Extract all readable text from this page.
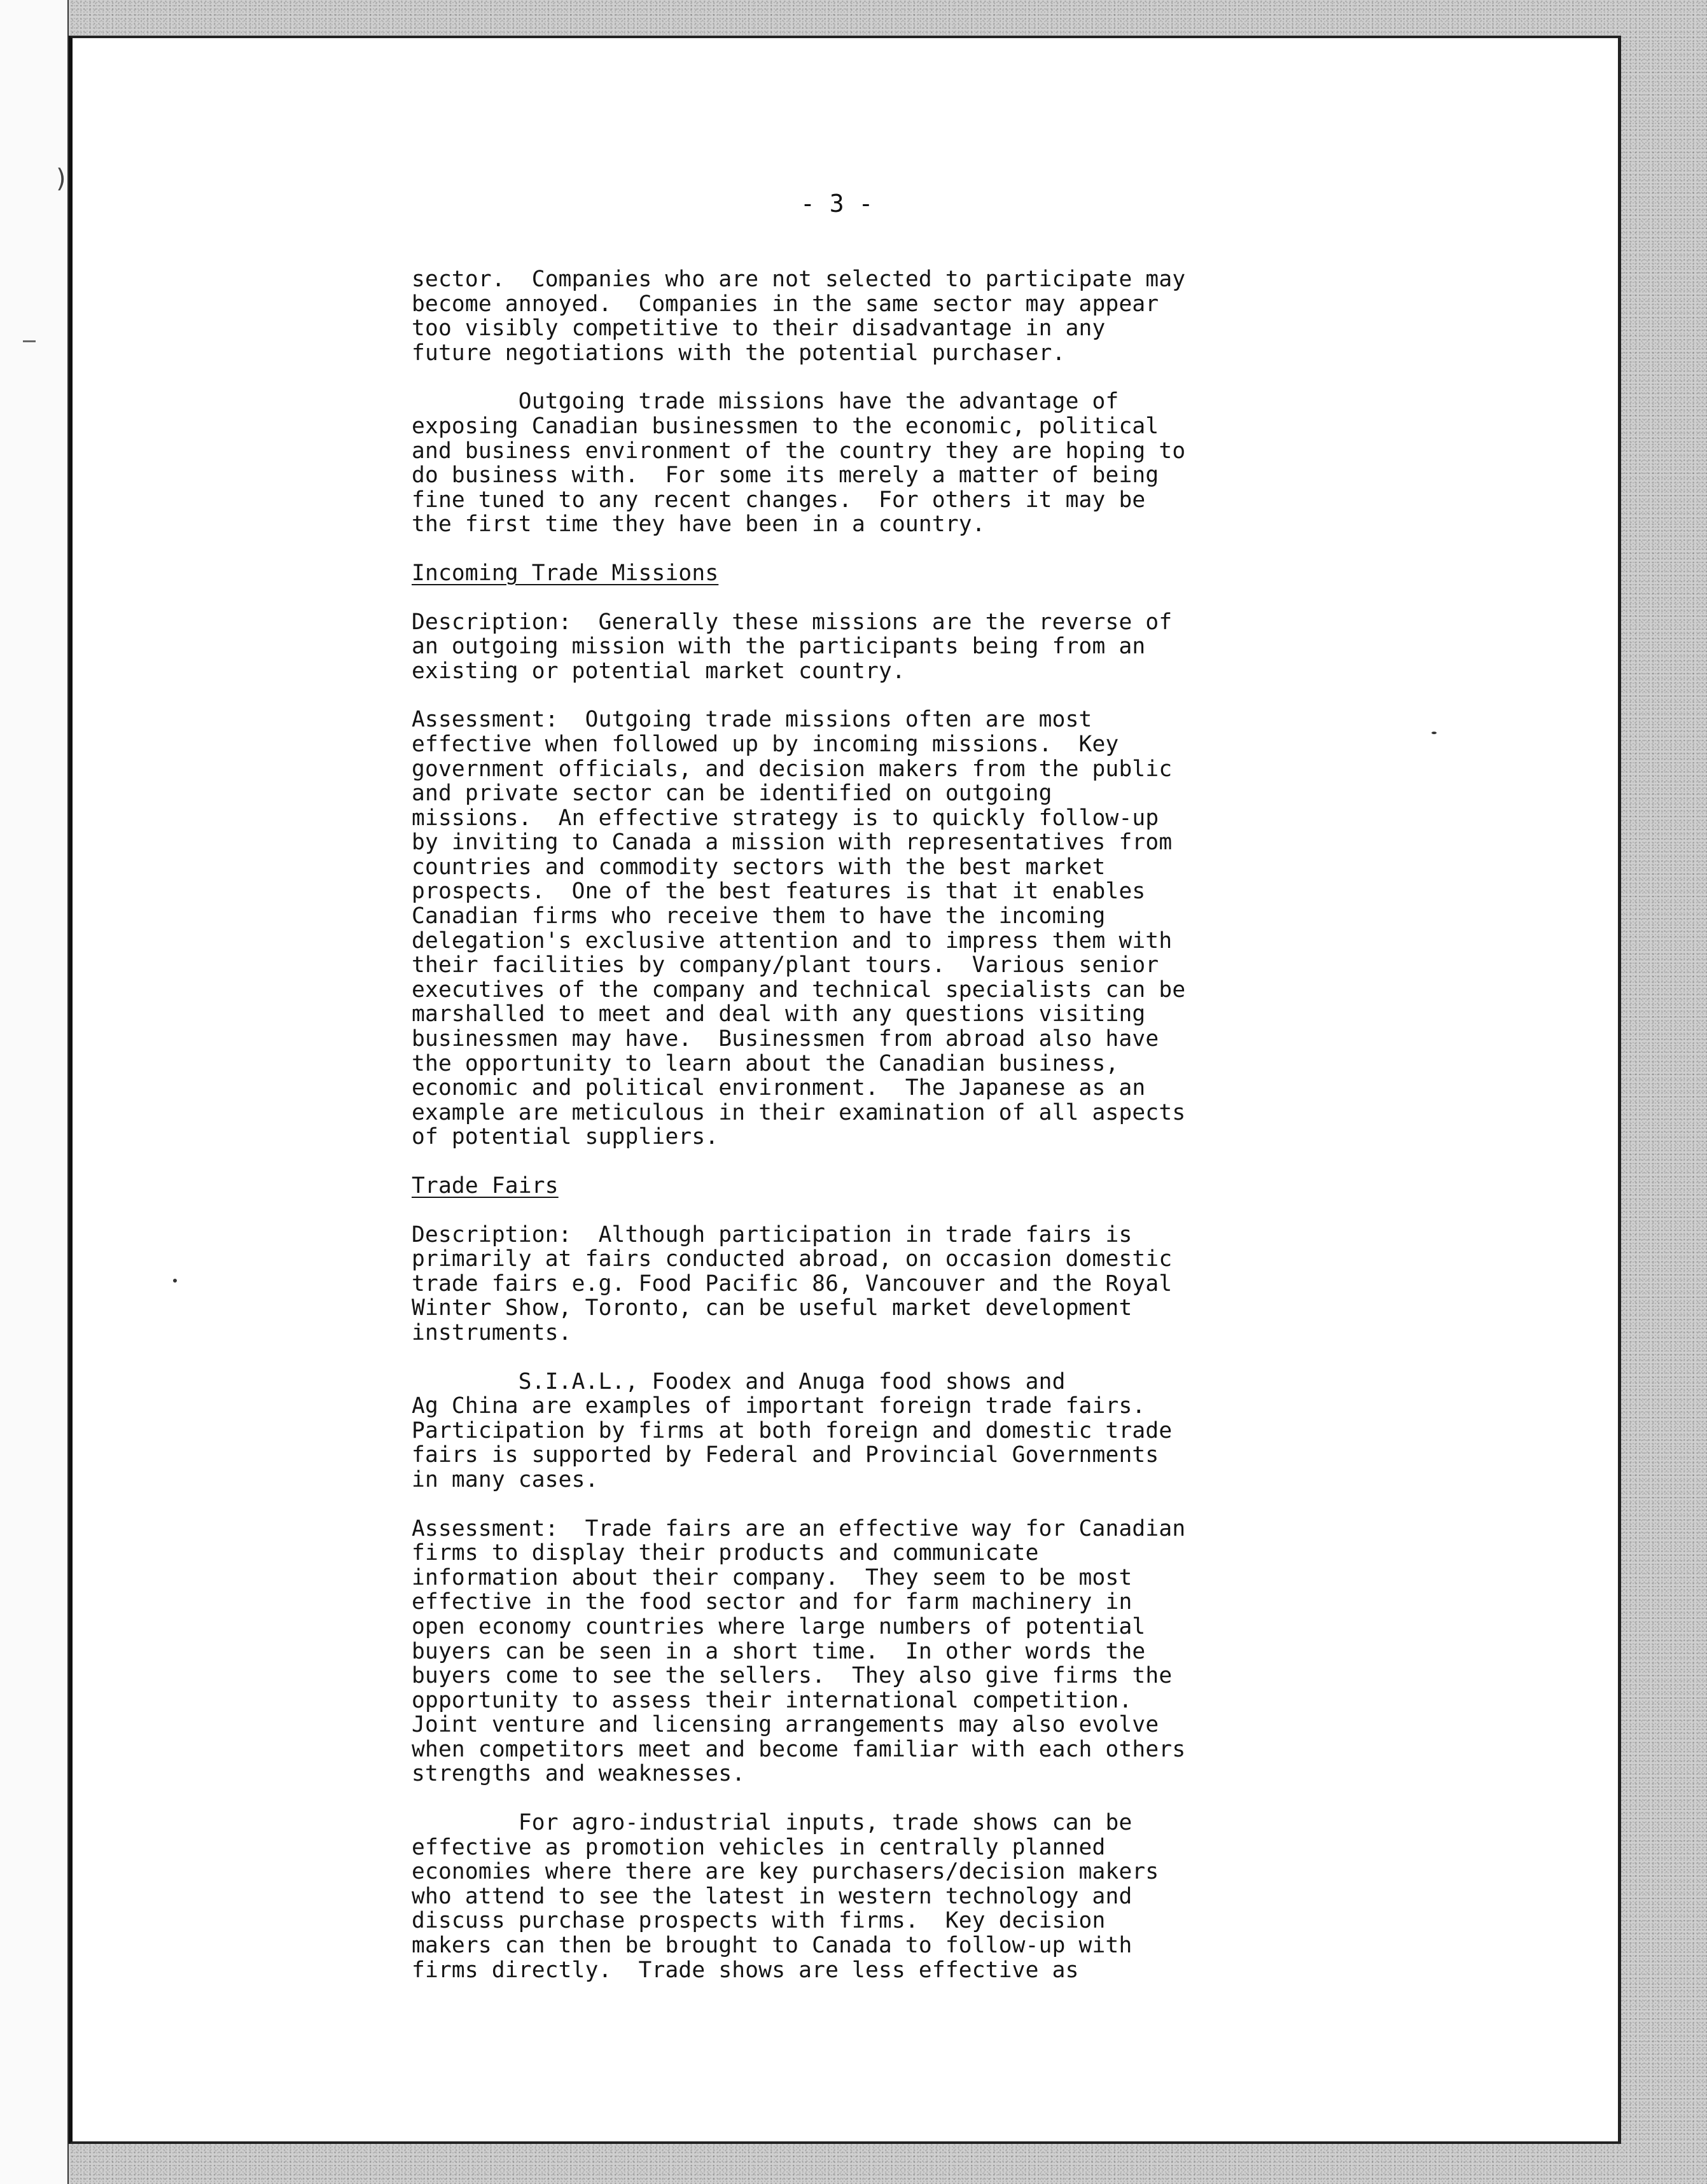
)
- 3 -
sector.  Companies who are not selected to participate may
become annoyed.  Companies in the same sector may appear
too visibly competitive to their disadvantage in any
future negotiations with the potential purchaser.
Outgoing trade missions have the advantage of
exposing Canadian businessmen to the economic, political
and business environment of the country they are hoping to
do business with.  For some its merely a matter of being
fine tuned to any recent changes.  For others it may be
the first time they have been in a country.
Incoming Trade Missions
Description:  Generally these missions are the reverse of
an outgoing mission with the participants being from an
existing or potential market country.
Assessment:  Outgoing trade missions often are most
effective when followed up by incoming missions.  Key
government officials, and decision makers from the public
and private sector can be identified on outgoing
missions.  An effective strategy is to quickly follow-up
by inviting to Canada a mission with representatives from
countries and commodity sectors with the best market
prospects.  One of the best features is that it enables
Canadian firms who receive them to have the incoming
delegation's exclusive attention and to impress them with
their facilities by company/plant tours.  Various senior
executives of the company and technical specialists can be
marshalled to meet and deal with any questions visiting
businessmen may have.  Businessmen from abroad also have
the opportunity to learn about the Canadian business,
economic and political environment.  The Japanese as an
example are meticulous in their examination of all aspects
of potential suppliers.
Trade Fairs
Description:  Although participation in trade fairs is
primarily at fairs conducted abroad, on occasion domestic
trade fairs e.g. Food Pacific 86, Vancouver and the Royal
Winter Show, Toronto, can be useful market development
instruments.
S.I.A.L., Foodex and Anuga food shows and
Ag China are examples of important foreign trade fairs.
Participation by firms at both foreign and domestic trade
fairs is supported by Federal and Provincial Governments
in many cases.
Assessment:  Trade fairs are an effective way for Canadian
firms to display their products and communicate
information about their company.  They seem to be most
effective in the food sector and for farm machinery in
open economy countries where large numbers of potential
buyers can be seen in a short time.  In other words the
buyers come to see the sellers.  They also give firms the
opportunity to assess their international competition.
Joint venture and licensing arrangements may also evolve
when competitors meet and become familiar with each others
strengths and weaknesses.
For agro-industrial inputs, trade shows can be
effective as promotion vehicles in centrally planned
economies where there are key purchasers/decision makers
who attend to see the latest in western technology and
discuss purchase prospects with firms.  Key decision
makers can then be brought to Canada to follow-up with
firms directly.  Trade shows are less effective as
